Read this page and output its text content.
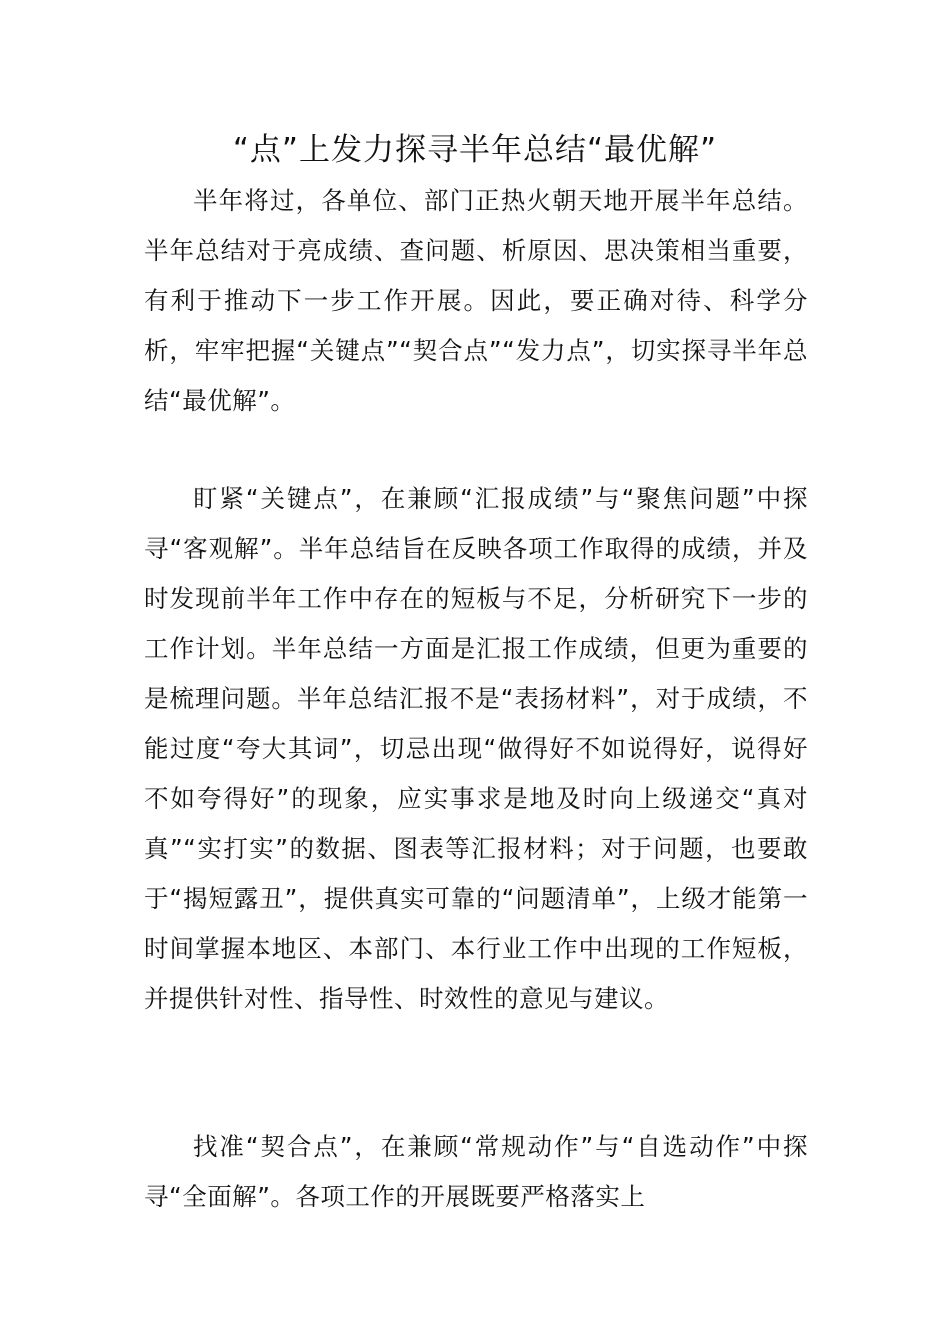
“点”上发力探寻半年总结“最优解”

半年将过，各单位、部门正热火朝天地开展半年总结。半年总结对于亮成绩、查问题、析原因、思决策相当重要，有利于推动下一步工作开展。因此，要正确对待、科学分析，牢牢把握“关键点”“契合点”“发力点”，切实探寻半年总结“最优解”。

盯紧“关键点”，在兼顾“汇报成绩”与“聚焦问题”中探寻“客观解”。半年总结旨在反映各项工作取得的成绩，并及时发现前半年工作中存在的短板与不足，分析研究下一步的工作计划。半年总结一方面是汇报工作成绩，但更为重要的是梳理问题。半年总结汇报不是“表扬材料”，对于成绩，不能过度“夸大其词”，切忌出现“做得好不如说得好，说得好不如夸得好”的现象，应实事求是地及时向上级递交“真对真”“实打实”的数据、图表等汇报材料；对于问题，也要敢于“揭短露丑”，提供真实可靠的“问题清单”，上级才能第一时间掌握本地区、本部门、本行业工作中出现的工作短板，并提供针对性、指导性、时效性的意见与建议。

找准“契合点”，在兼顾“常规动作”与“自选动作”中探寻“全面解”。各项工作的开展既要严格落实上
